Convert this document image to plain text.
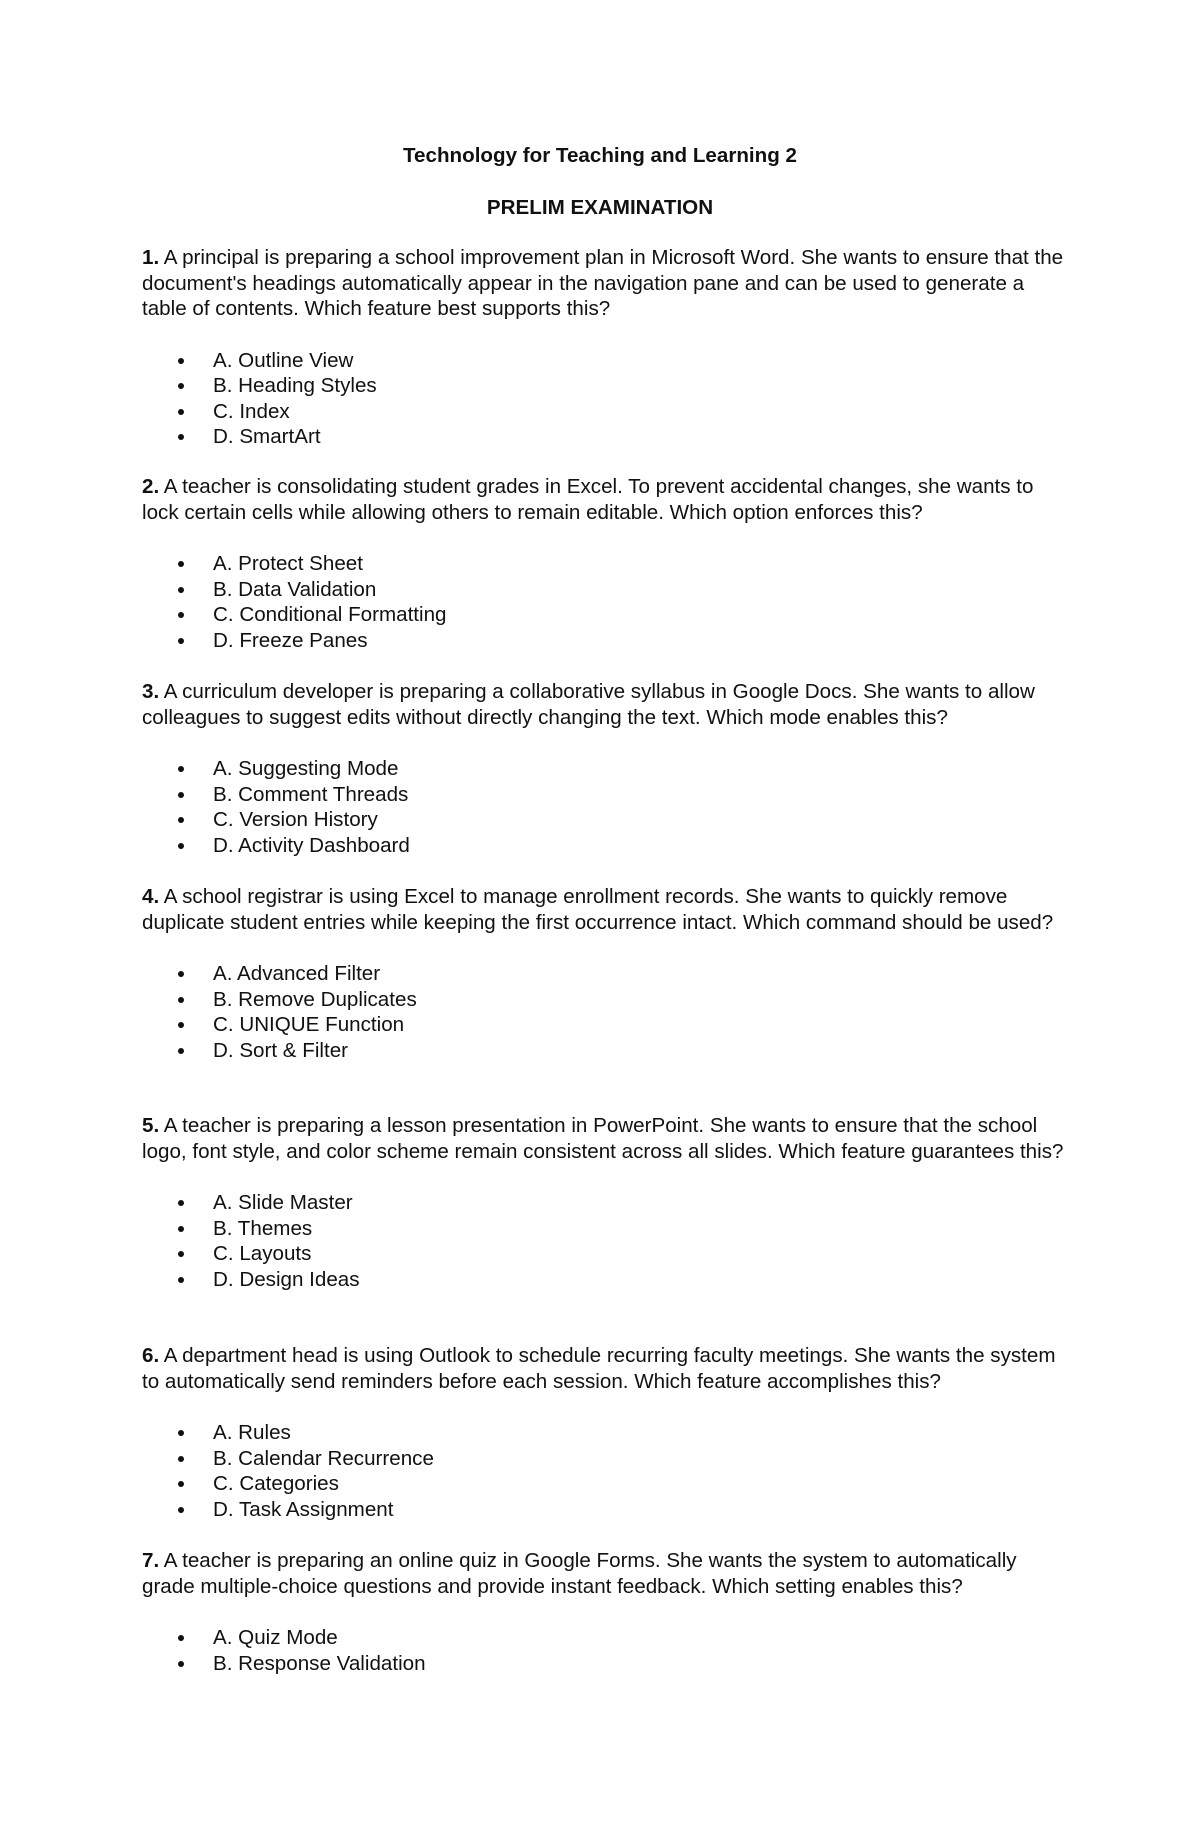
Technology for Teaching and Learning 2
PRELIM EXAMINATION

1. A principal is preparing a school improvement plan in Microsoft Word. She wants to ensure that the document's headings automatically appear in the navigation pane and can be used to generate a table of contents. Which feature best supports this?

A. Outline View
B. Heading Styles
C. Index
D. SmartArt

2. A teacher is consolidating student grades in Excel. To prevent accidental changes, she wants to lock certain cells while allowing others to remain editable. Which option enforces this?

A. Protect Sheet
B. Data Validation
C. Conditional Formatting
D. Freeze Panes

3. A curriculum developer is preparing a collaborative syllabus in Google Docs. She wants to allow colleagues to suggest edits without directly changing the text. Which mode enables this?

A. Suggesting Mode
B. Comment Threads
C. Version History
D. Activity Dashboard

4. A school registrar is using Excel to manage enrollment records. She wants to quickly remove duplicate student entries while keeping the first occurrence intact. Which command should be used?

A. Advanced Filter
B. Remove Duplicates
C. UNIQUE Function
D. Sort & Filter

5. A teacher is preparing a lesson presentation in PowerPoint. She wants to ensure that the school logo, font style, and color scheme remain consistent across all slides. Which feature guarantees this?

A. Slide Master
B. Themes
C. Layouts
D. Design Ideas

6. A department head is using Outlook to schedule recurring faculty meetings. She wants the system to automatically send reminders before each session. Which feature accomplishes this?

A. Rules
B. Calendar Recurrence
C. Categories
D. Task Assignment

7. A teacher is preparing an online quiz in Google Forms. She wants the system to automatically grade multiple-choice questions and provide instant feedback. Which setting enables this?

A. Quiz Mode
B. Response Validation
